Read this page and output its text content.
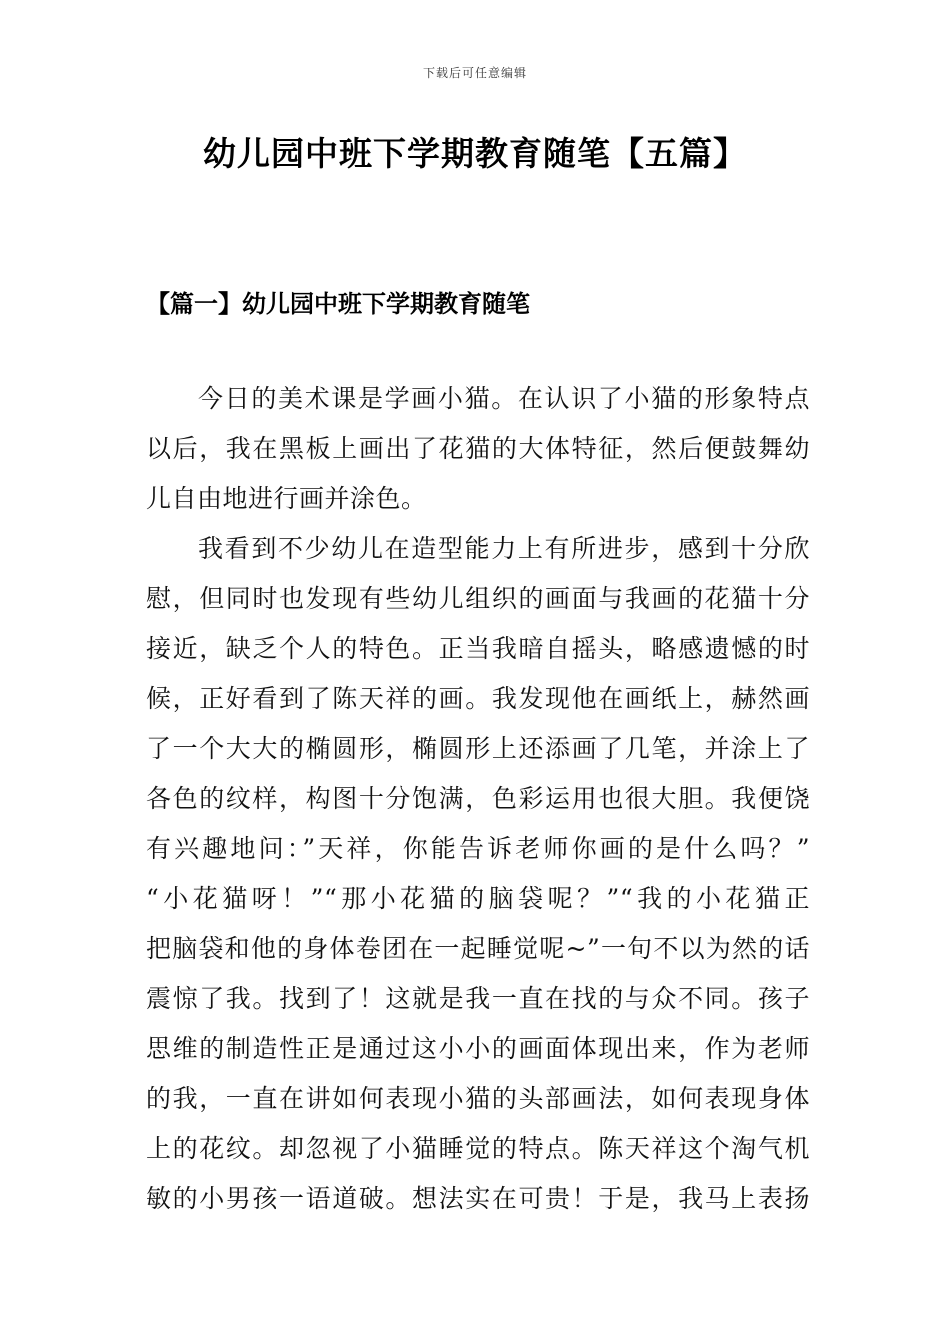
下载后可任意编辑
幼儿园中班下学期教育随笔【五篇】
【篇一】幼儿园中班下学期教育随笔
今日的美术课是学画小猫。在认识了小猫的形象特点
以后，我在黑板上画出了花猫的大体特征，然后便鼓舞幼
儿自由地进行画并涂色。
我看到不少幼儿在造型能力上有所进步，感到十分欣
慰，但同时也发现有些幼儿组织的画面与我画的花猫十分
接近，缺乏个人的特色。正当我暗自摇头，略感遗憾的时
候，正好看到了陈天祥的画。我发现他在画纸上，赫然画
了一个大大的椭圆形，椭圆形上还添画了几笔，并涂上了
各色的纹样，构图十分饱满，色彩运用也很大胆。我便饶
有兴趣地问：”天祥，你能告诉老师你画的是什么吗？”
“小花猫呀！”“那小花猫的脑袋呢？”“我的小花猫正
把脑袋和他的身体卷团在一起睡觉呢~”一句不以为然的话
震惊了我。找到了！这就是我一直在找的与众不同。孩子
思维的制造性正是通过这小小的画面体现出来，作为老师
的我，一直在讲如何表现小猫的头部画法，如何表现身体
上的花纹。却忽视了小猫睡觉的特点。陈天祥这个淘气机
敏的小男孩一语道破。想法实在可贵！于是，我马上表扬
